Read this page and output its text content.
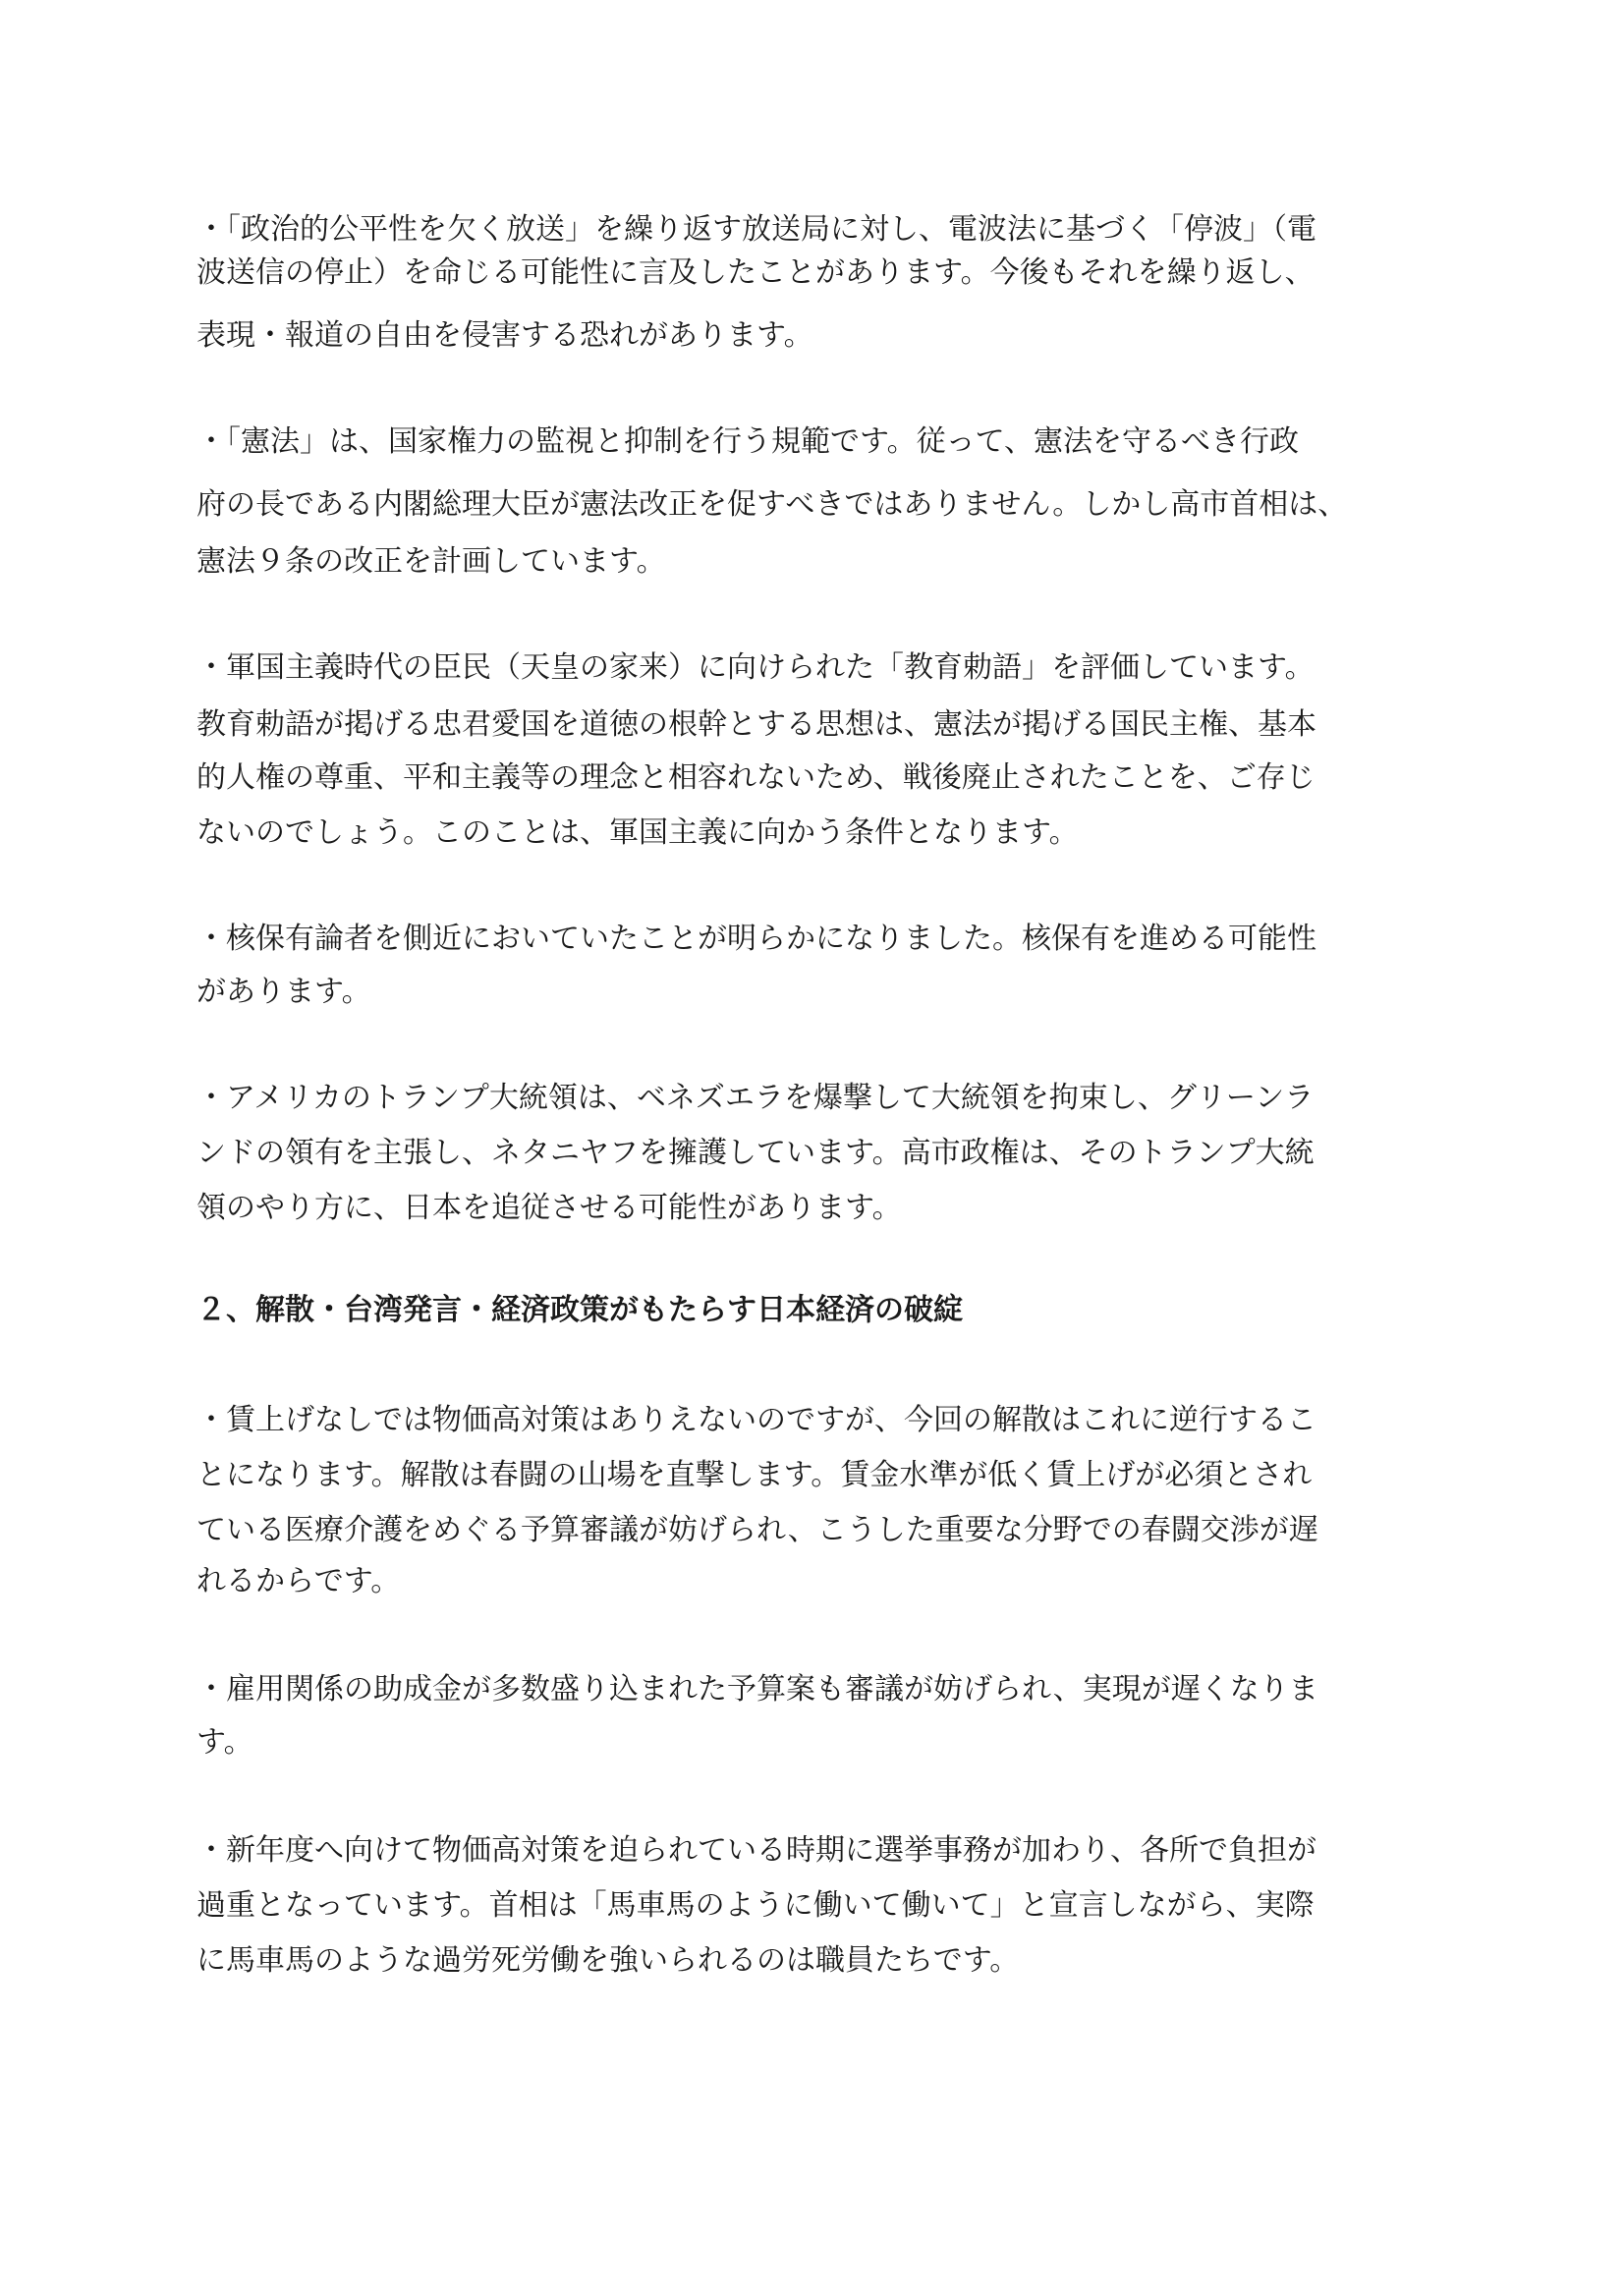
・「政治的公平性を欠く放送」を繰り返す放送局に対し、電波法に基づく「停波」（電
波送信の停止）を命じる可能性に言及したことがあります。今後もそれを繰り返し、
表現・報道の自由を侵害する恐れがあります。
・「憲法」は、国家権力の監視と抑制を行う規範です。従って、憲法を守るべき行政
府の長である内閣総理大臣が憲法改正を促すべきではありません。しかし高市首相は、
憲法９条の改正を計画しています。
・軍国主義時代の臣民（天皇の家来）に向けられた「教育勅語」を評価しています。
教育勅語が掲げる忠君愛国を道徳の根幹とする思想は、憲法が掲げる国民主権、基本
的人権の尊重、平和主義等の理念と相容れないため、戦後廃止されたことを、ご存じ
ないのでしょう。このことは、軍国主義に向かう条件となります。
・核保有論者を側近においていたことが明らかになりました。核保有を進める可能性
があります。
・アメリカのトランプ大統領は、ベネズエラを爆撃して大統領を拘束し、グリーンラ
ンドの領有を主張し、ネタニヤフを擁護しています。高市政権は、そのトランプ大統
領のやり方に、日本を追従させる可能性があります。
２、解散・台湾発言・経済政策がもたらす日本経済の破綻
・賃上げなしでは物価高対策はありえないのですが、今回の解散はこれに逆行するこ
とになります。解散は春闘の山場を直撃します。賃金水準が低く賃上げが必須とされ
ている医療介護をめぐる予算審議が妨げられ、こうした重要な分野での春闘交渉が遅
れるからです。
・雇用関係の助成金が多数盛り込まれた予算案も審議が妨げられ、実現が遅くなりま
す。
・新年度へ向けて物価高対策を迫られている時期に選挙事務が加わり、各所で負担が
過重となっています。首相は「馬車馬のように働いて働いて」と宣言しながら、実際
に馬車馬のような過労死労働を強いられるのは職員たちです。
